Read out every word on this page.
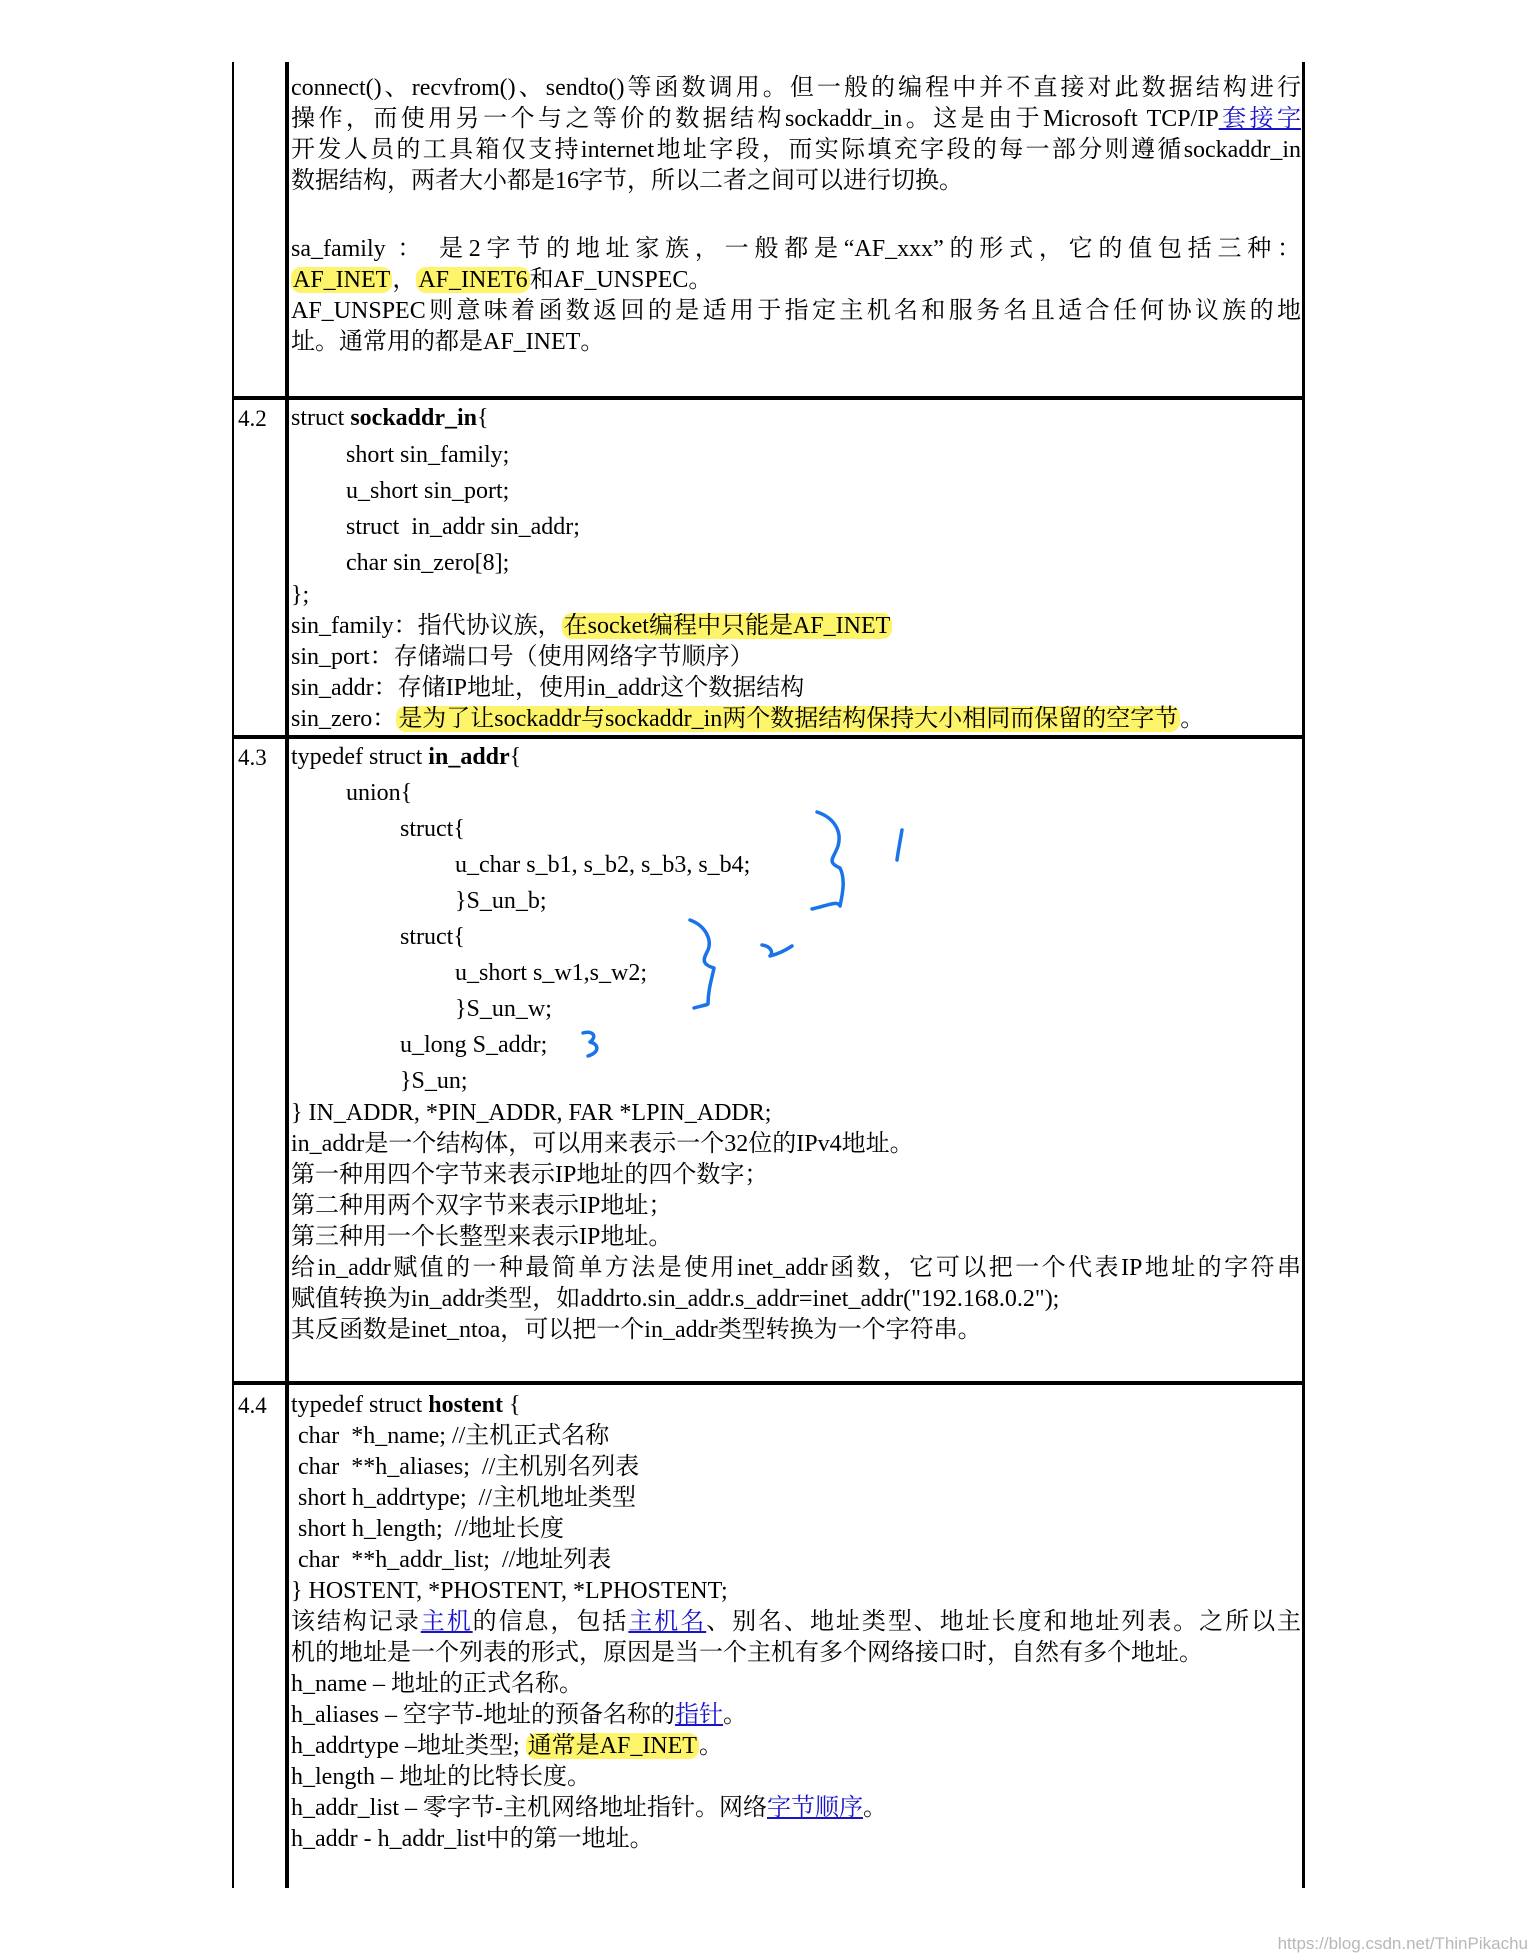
connect()、recvfrom()、sendto()等函数调用。但一般的编程中并不直接对此数据结构进行

操作，而使用另一个与之等价的数据结构sockaddr_in。这是由于Microsoft TCP/IP套接字

开发人员的工具箱仅支持internet地址字段，而实际填充字段的每一部分则遵循sockaddr_in

数据结构，两者大小都是16字节，所以二者之间可以进行切换。

sa_family ： 是2字节的地址家族，一般都是“AF_xxx”的形式，它的值包括三种：

AF_INET，AF_INET6和AF_UNSPEC。

AF_UNSPEC则意味着函数返回的是适用于指定主机名和服务名且适合任何协议族的地

址。通常用的都是AF_INET。

4.2 struct sockaddr_in{

short sin_family;

u_short sin_port;

struct  in_addr sin_addr;

char sin_zero[8];

};

sin_family：指代协议族，在socket编程中只能是AF_INET

sin_port：存储端口号（使用网络字节顺序）

sin_addr：存储IP地址，使用in_addr这个数据结构

sin_zero：是为了让sockaddr与sockaddr_in两个数据结构保持大小相同而保留的空字节。

4.3 typedef struct in_addr{

union{

struct{

u_char s_b1, s_b2, s_b3, s_b4;

}S_un_b;

struct{

u_short s_w1,s_w2;

}S_un_w;

u_long S_addr;

}S_un;

} IN_ADDR, *PIN_ADDR, FAR *LPIN_ADDR;

in_addr是一个结构体，可以用来表示一个32位的IPv4地址。

第一种用四个字节来表示IP地址的四个数字；

第二种用两个双字节来表示IP地址；

第三种用一个长整型来表示IP地址。

给in_addr赋值的一种最简单方法是使用inet_addr函数，它可以把一个代表IP地址的字符串

赋值转换为in_addr类型，如addrto.sin_addr.s_addr=inet_addr("192.168.0.2");

其反函数是inet_ntoa，可以把一个in_addr类型转换为一个字符串。

4.4 typedef struct hostent {

char  *h_name; //主机正式名称

char  **h_aliases;  //主机别名列表

short h_addrtype;  //主机地址类型

short h_length;  //地址长度

char  **h_addr_list;  //地址列表

} HOSTENT, *PHOSTENT, *LPHOSTENT;

该结构记录主机的信息，包括主机名、别名、地址类型、地址长度和地址列表。之所以主

机的地址是一个列表的形式，原因是当一个主机有多个网络接口时，自然有多个地址。

h_name – 地址的正式名称。

h_aliases – 空字节-地址的预备名称的指针。

h_addrtype –地址类型; 通常是AF_INET。

h_length – 地址的比特长度。

h_addr_list – 零字节-主机网络地址指针。网络字节顺序。

h_addr - h_addr_list中的第一地址。

https://blog.csdn.net/ThinPikachu
